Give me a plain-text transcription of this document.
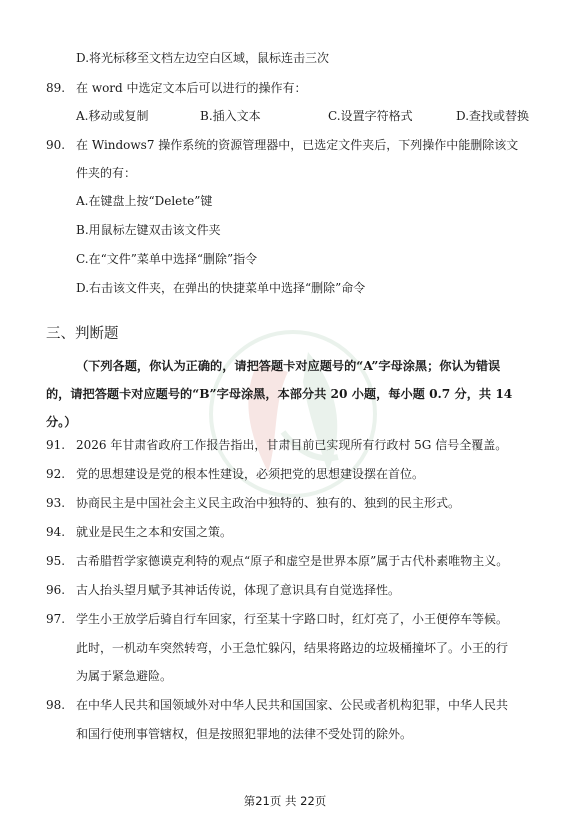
D.将光标移至文档左边空白区域，鼠标连击三次
89. 在 word 中选定文本后可以进行的操作有：
A.移动或复制	B.插入文本	C.设置字符格式	D.查找或替换
90. 在 Windows7 操作系统的资源管理器中，已选定文件夹后，下列操作中能删除该文
件夹的有：
A.在键盘上按“Delete”键
B.用鼠标左键双击该文件夹
C.在“文件”菜单中选择“删除”指令
D.右击该文件夹，在弹出的快捷菜单中选择“删除”命令
三、判断题
（下列各题，你认为正确的，请把答题卡对应题号的“A”字母涂黑；你认为错误
的，请把答题卡对应题号的“B”字母涂黑，本部分共 20 小题，每小题 0.7 分，共 14
分。）
91. 2026 年甘肃省政府工作报告指出，甘肃目前已实现所有行政村 5G 信号全覆盖。
92. 党的思想建设是党的根本性建设，必须把党的思想建设摆在首位。
93. 协商民主是中国社会主义民主政治中独特的、独有的、独到的民主形式。
94. 就业是民生之本和安国之策。
95. 古希腊哲学家德谟克利特的观点“原子和虚空是世界本原”属于古代朴素唯物主义。
96. 古人抬头望月赋予其神话传说，体现了意识具有自觉选择性。
97. 学生小王放学后骑自行车回家，行至某十字路口时，红灯亮了，小王便停车等候。
此时，一机动车突然转弯，小王急忙躲闪，结果将路边的垃圾桶撞坏了。小王的行
为属于紧急避险。
98. 在中华人民共和国领域外对中华人民共和国国家、公民或者机构犯罪，中华人民共
和国行使刑事管辖权，但是按照犯罪地的法律不受处罚的除外。
第21页 共 22页
